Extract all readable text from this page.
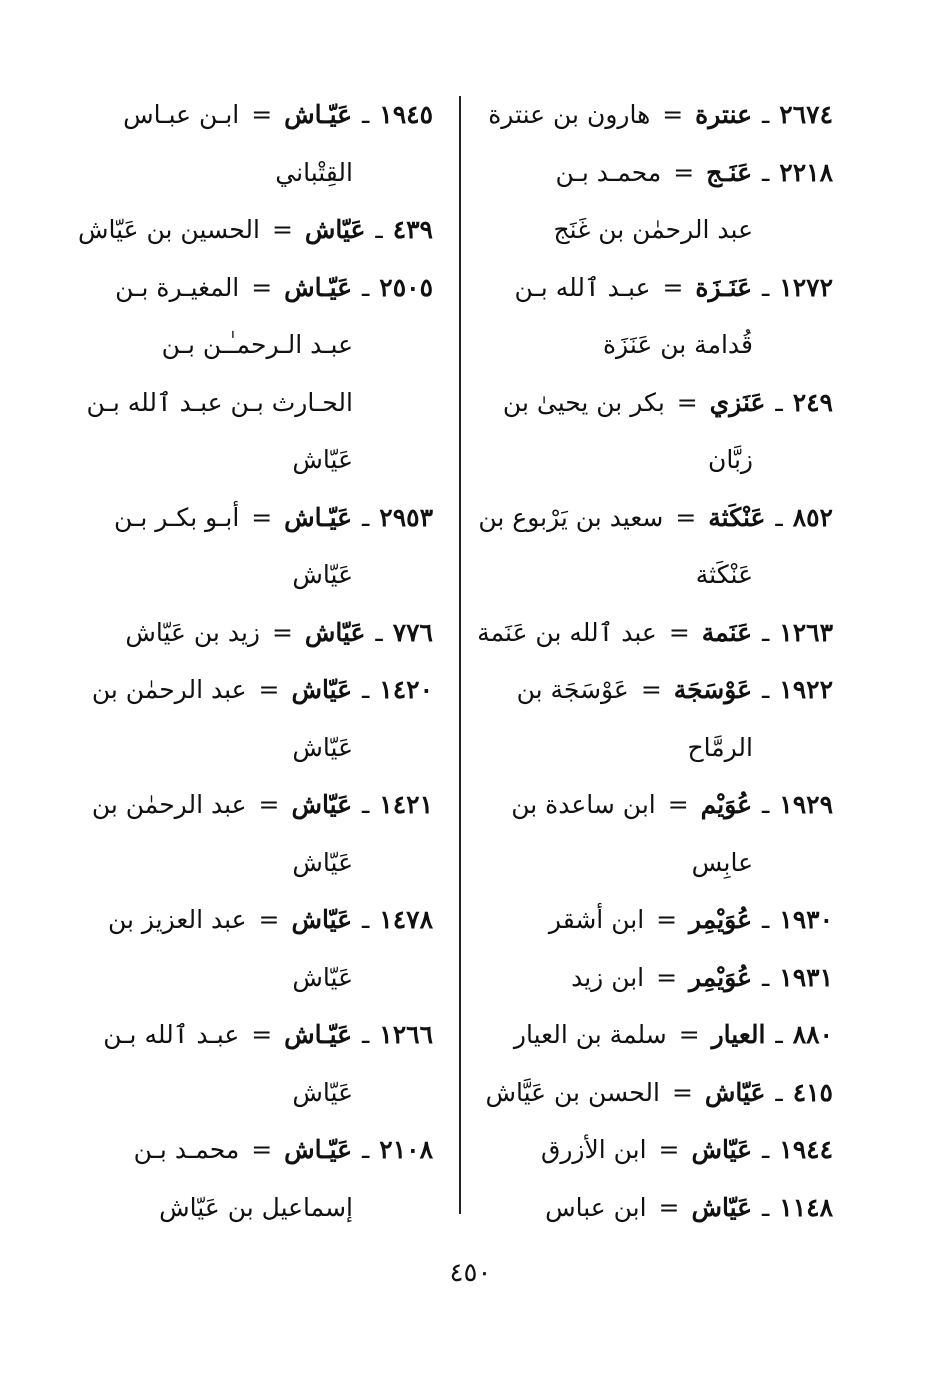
٢٦٧٤ ـ عنترة = هارون بن عنترة
٢٢١٨ ـ عَنَـج = محمـد بـن
عبد الرحمٰن بن غَنَج
١٢٧٢ ـ عَنَـزَة = عبـد ٱلله بـن
قُدامة بن عَنَزَة
٢٤٩ ـ عَنَزي = بكر بن يحيىٰ بن
زبَّان
٨٥٢ ـ عَنْكَثة = سعيد بن يَرْبوع بن
عَنْكَثة
١٢٦٣ ـ عَنَمة = عبد ٱلله بن عَنَمة
١٩٢٢ ـ عَوْسَجَة = عَوْسَجَة بن
الرمَّاح
١٩٢٩ ـ عُوَيْم = ابن ساعدة بن
عابِس
١٩٣٠ ـ عُوَيْمِر = ابن أشقر
١٩٣١ ـ عُوَيْمِر = ابن زيد
٨٨٠ ـ العيار = سلمة بن العيار
٤١٥ ـ عَيّاش = الحسن بن عَيَّاش
١٩٤٤ ـ عَيّاش = ابن الأزرق
١١٤٨ ـ عَيّاش = ابن عباس
١٩٤٥ ـ عَيّـاش = ابـن عبـاس
القِتْباني
٤٣٩ ـ عَيّاش = الحسين بن عَيّاش
٢٥٠٥ ـ عَيّـاش = المغيـرة بـن
عبـد الـرحمـٰـن بـن
الحـارث بـن عبـد ٱلله بـن
عَيّاش
٢٩٥٣ ـ عَيّـاش = أبـو بكـر بـن
عَيّاش
٧٧٦ ـ عَيّاش = زيد بن عَيّاش
١٤٢٠ ـ عَيّاش = عبد الرحمٰن بن
عَيّاش
١٤٢١ ـ عَيّاش = عبد الرحمٰن بن
عَيّاش
١٤٧٨ ـ عَيّاش = عبد العزيز بن
عَيّاش
١٢٦٦ ـ عَيّـاش = عبـد ٱلله بـن
عَيّاش
٢١٠٨ ـ عَيّـاش = محمـد بـن
إسماعيل بن عَيّاش
٤٥٠
